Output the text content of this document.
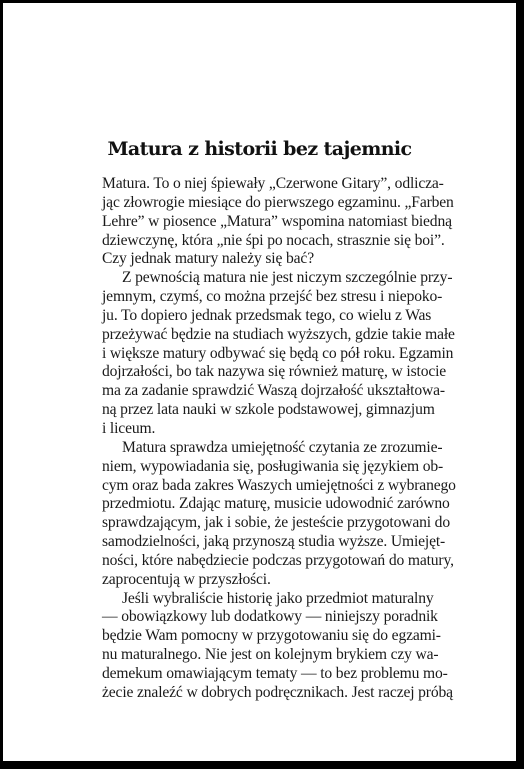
Matura z historii bez tajemnic
Matura. To o niej śpiewały „Czerwone Gitary”, odlicza-
jąc złowrogie miesiące do pierwszego egzaminu. „Farben
Lehre” w piosence „Matura” wspomina natomiast biedną
dziewczynę, która „nie śpi po nocach, strasznie się boi”.
Czy jednak matury należy się bać?
Z pewnością matura nie jest niczym szczególnie przy-
jemnym, czymś, co można przejść bez stresu i niepoko-
ju. To dopiero jednak przedsmak tego, co wielu z Was
przeżywać będzie na studiach wyższych, gdzie takie małe
i większe matury odbywać się będą co pół roku. Egzamin
dojrzałości, bo tak nazywa się również maturę, w istocie
ma za zadanie sprawdzić Waszą dojrzałość ukształtowa-
ną przez lata nauki w szkole podstawowej, gimnazjum
i liceum.
Matura sprawdza umiejętność czytania ze zrozumie-
niem, wypowiadania się, posługiwania się językiem ob-
cym oraz bada zakres Waszych umiejętności z wybranego
przedmiotu. Zdając maturę, musicie udowodnić zarówno
sprawdzającym, jak i sobie, że jesteście przygotowani do
samodzielności, jaką przynoszą studia wyższe. Umiejęt-
ności, które nabędziecie podczas przygotowań do matury,
zaprocentują w przyszłości.
Jeśli wybraliście historię jako przedmiot maturalny
— obowiązkowy lub dodatkowy — niniejszy poradnik
będzie Wam pomocny w przygotowaniu się do egzami-
nu maturalnego. Nie jest on kolejnym brykiem czy wa-
demekum omawiającym tematy — to bez problemu mo-
żecie znaleźć w dobrych podręcznikach. Jest raczej próbą
